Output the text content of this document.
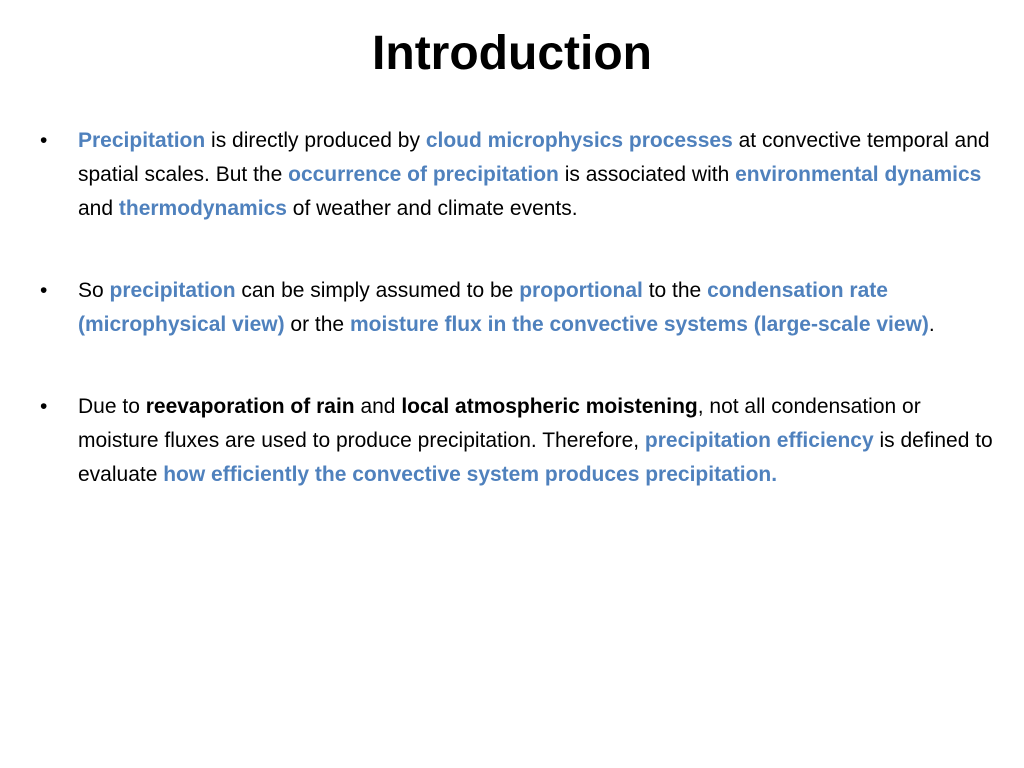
Introduction
•	Precipitation is directly produced by cloud microphysics processes at convective temporal and spatial scales. But the occurrence of precipitation is associated with environmental dynamics and thermodynamics of weather and climate events.
•	So precipitation can be simply assumed to be proportional to the condensation rate (microphysical view) or the moisture flux in the convective systems (large-scale view).
•	Due to reevaporation of rain and local atmospheric moistening, not all condensation or moisture fluxes are used to produce precipitation. Therefore, precipitation efficiency is defined to evaluate how efficiently the convective system produces precipitation.
